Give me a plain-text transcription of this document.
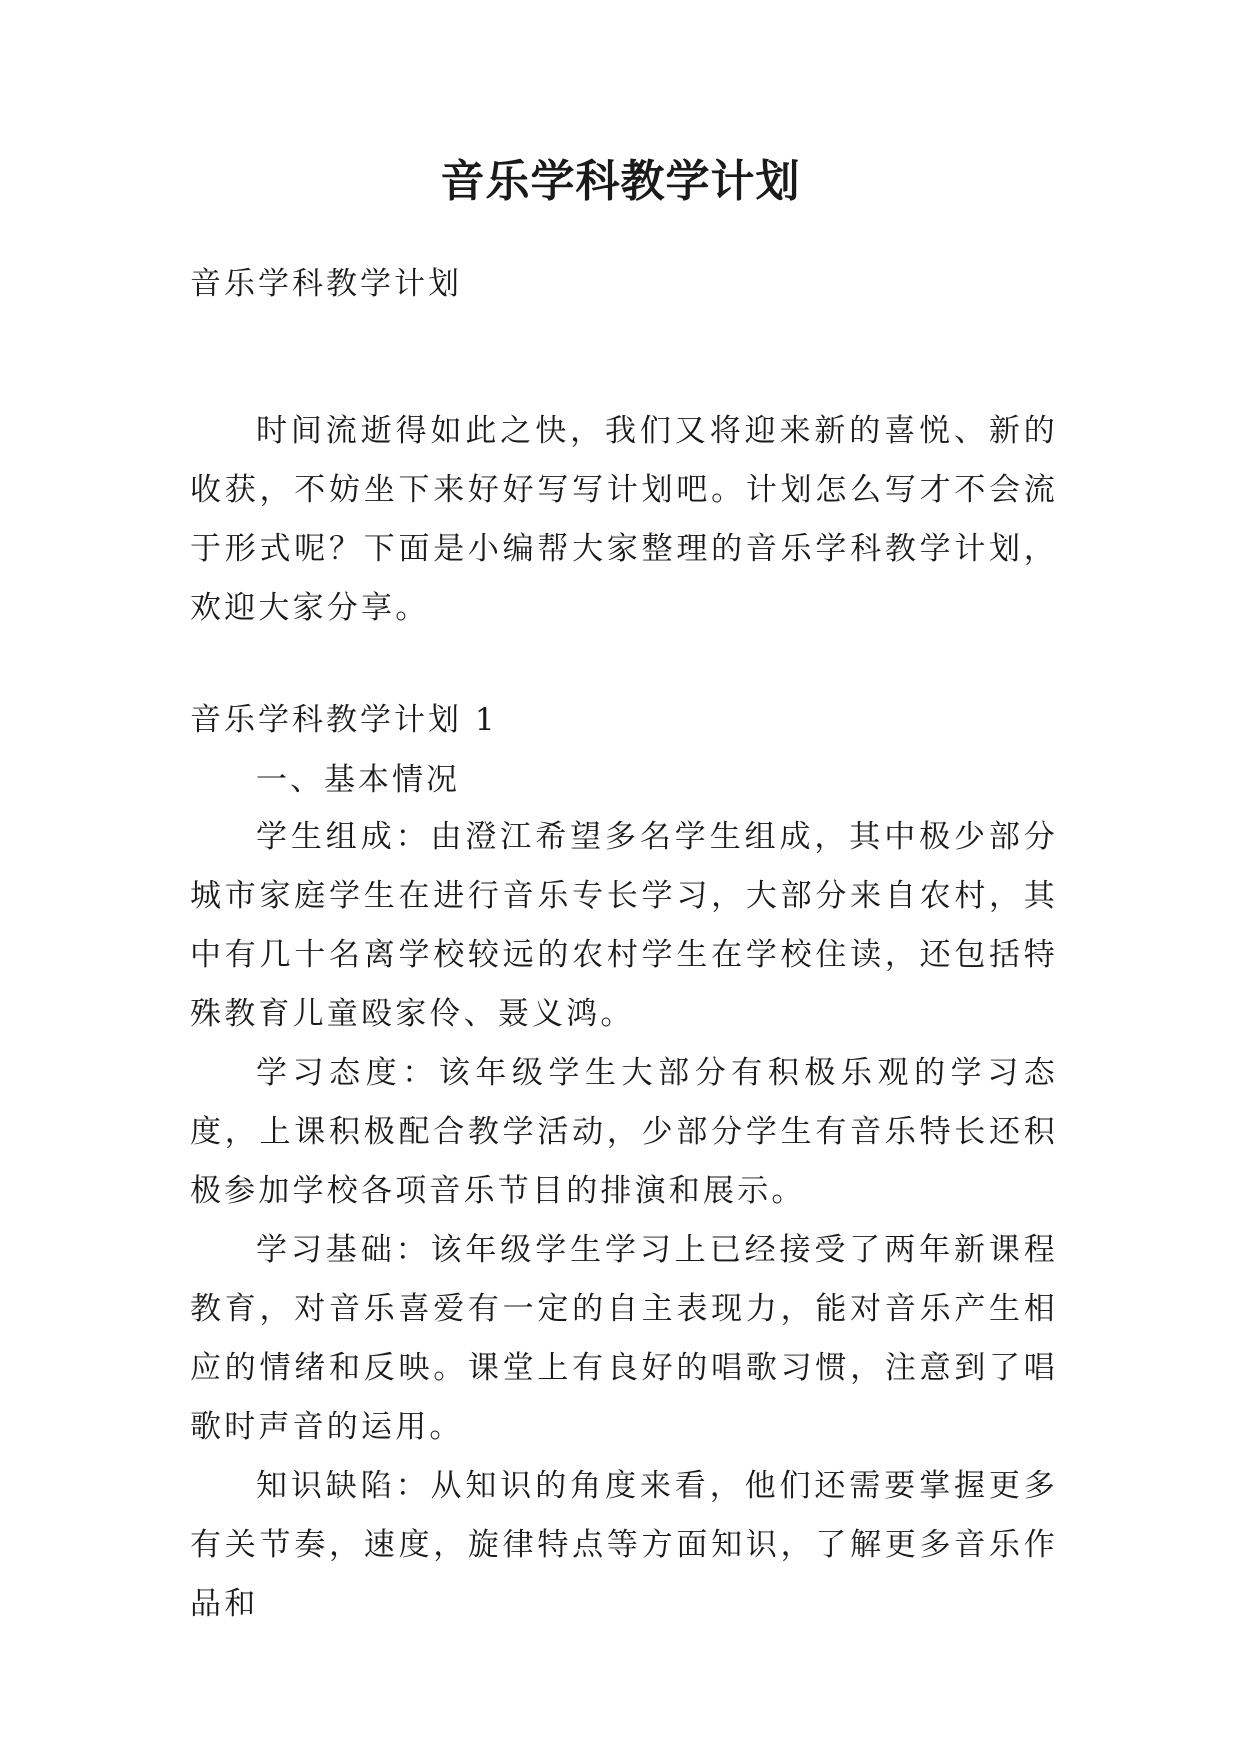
音乐学科教学计划

音乐学科教学计划

时间流逝得如此之快，我们又将迎来新的喜悦、新的收获，不妨坐下来好好写写计划吧。计划怎么写才不会流于形式呢？下面是小编帮大家整理的音乐学科教学计划，欢迎大家分享。

音乐学科教学计划 1

一、基本情况

学生组成：由澄江希望多名学生组成，其中极少部分城市家庭学生在进行音乐专长学习，大部分来自农村，其中有几十名离学校较远的农村学生在学校住读，还包括特殊教育儿童殴家伶、聂义鸿。

学习态度：该年级学生大部分有积极乐观的学习态度，上课积极配合教学活动，少部分学生有音乐特长还积极参加学校各项音乐节目的排演和展示。

学习基础：该年级学生学习上已经接受了两年新课程教育，对音乐喜爱有一定的自主表现力，能对音乐产生相应的情绪和反映。课堂上有良好的唱歌习惯，注意到了唱歌时声音的运用。

知识缺陷：从知识的角度来看，他们还需要掌握更多有关节奏，速度，旋律特点等方面知识，了解更多音乐作品和
